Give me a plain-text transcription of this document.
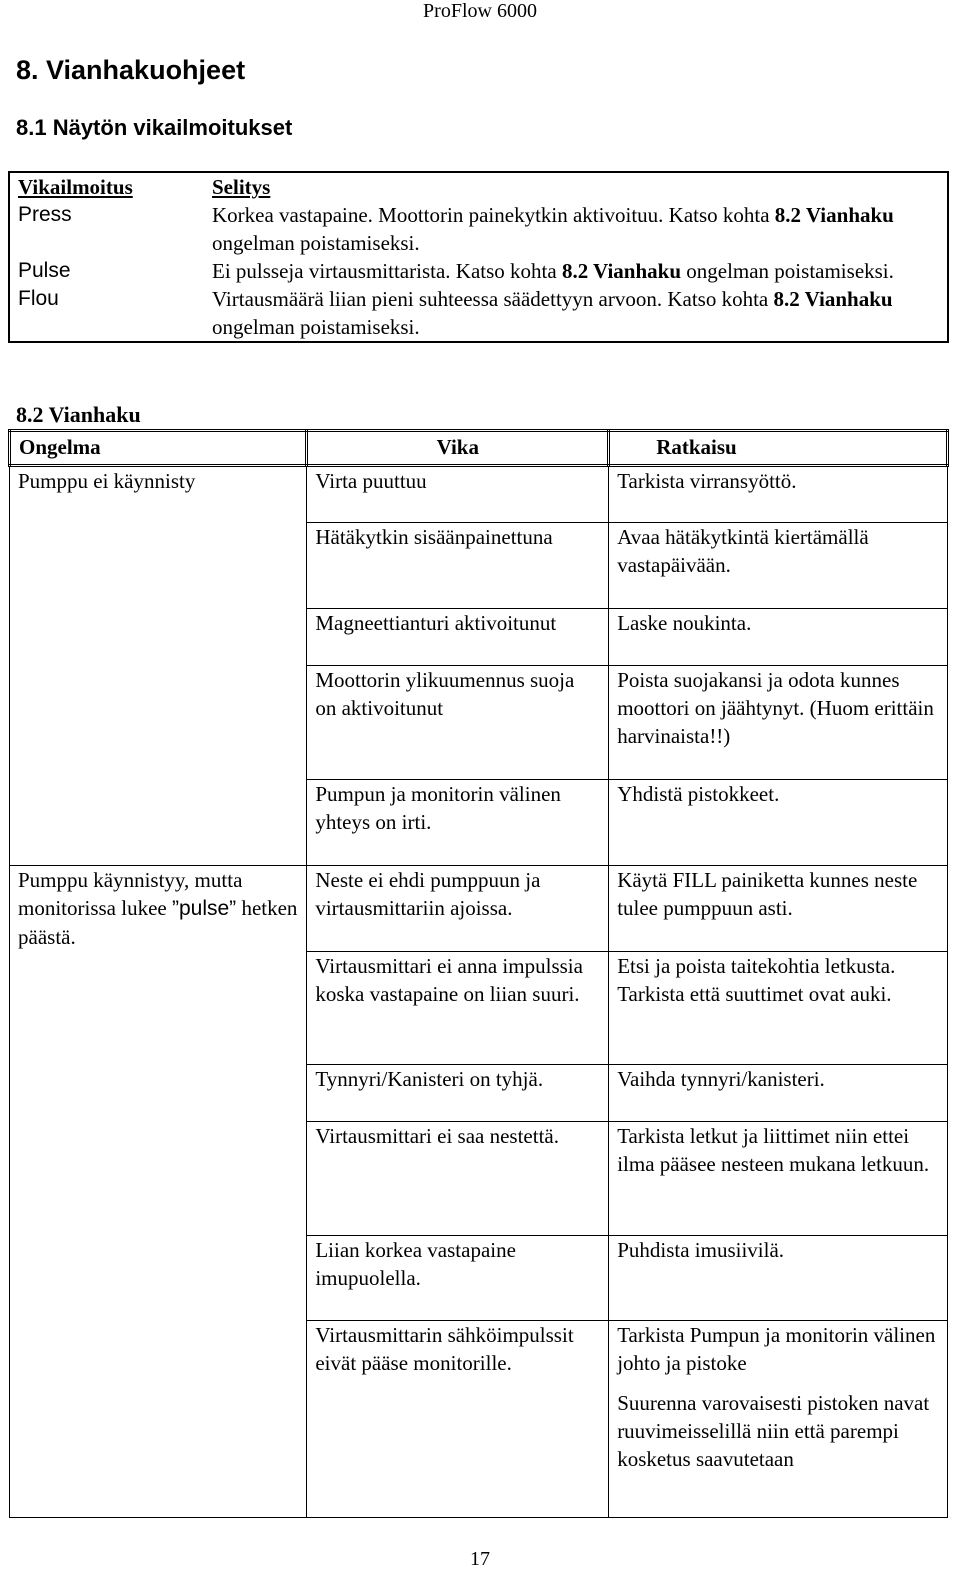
ProFlow 6000
8. Vianhakuohjeet
8.1 Näytön vikailmoitukset
Vikailmoitus	Selitys
Press	Korkea vastapaine. Moottorin painekytkin aktivoituu. Katso kohta 8.2 Vianhaku ongelman poistamiseksi.
Pulse	Ei pulsseja virtausmittarista. Katso kohta 8.2 Vianhaku ongelman poistamiseksi.
Flou	Virtausmäärä liian pieni suhteessa säädettyyn arvoon. Katso kohta 8.2 Vianhaku ongelman poistamiseksi.
8.2 Vianhaku
Ongelma	Vika	Ratkaisu
Pumppu ei käynnisty	Virta puuttuu	Tarkista virransyöttö.
	Hätäkytkin sisäänpainettuna	Avaa hätäkytkintä kiertämällä vastapäivään.
	Magneettianturi aktivoitunut	Laske noukinta.
	Moottorin ylikuumennus suoja on aktivoitunut	Poista suojakansi ja odota kunnes moottori on jäähtynyt. (Huom erittäin harvinaista!!)
	Pumpun ja monitorin välinen yhteys on irti.	Yhdistä pistokkeet.
Pumppu käynnistyy, mutta monitorissa lukee ”pulse” hetken päästä.	Neste ei ehdi pumppuun ja virtausmittariin ajoissa.	Käytä FILL painiketta kunnes neste tulee pumppuun asti.
	Virtausmittari ei anna impulssia koska vastapaine on liian suuri.	Etsi ja poista taitekohtia letkusta. Tarkista että suuttimet ovat auki.
	Tynnyri/Kanisteri on tyhjä.	Vaihda tynnyri/kanisteri.
	Virtausmittari ei saa nestettä.	Tarkista letkut ja liittimet niin ettei ilma pääsee nesteen mukana letkuun.
	Liian korkea vastapaine imupuolella.	Puhdista imusiivilä.
	Virtausmittarin sähköimpulssit eivät pääse monitorille.	Tarkista Pumpun ja monitorin välinen johto ja pistoke
Suurenna varovaisesti pistoken navat ruuvimeisselillä niin että parempi kosketus saavutetaan
17
